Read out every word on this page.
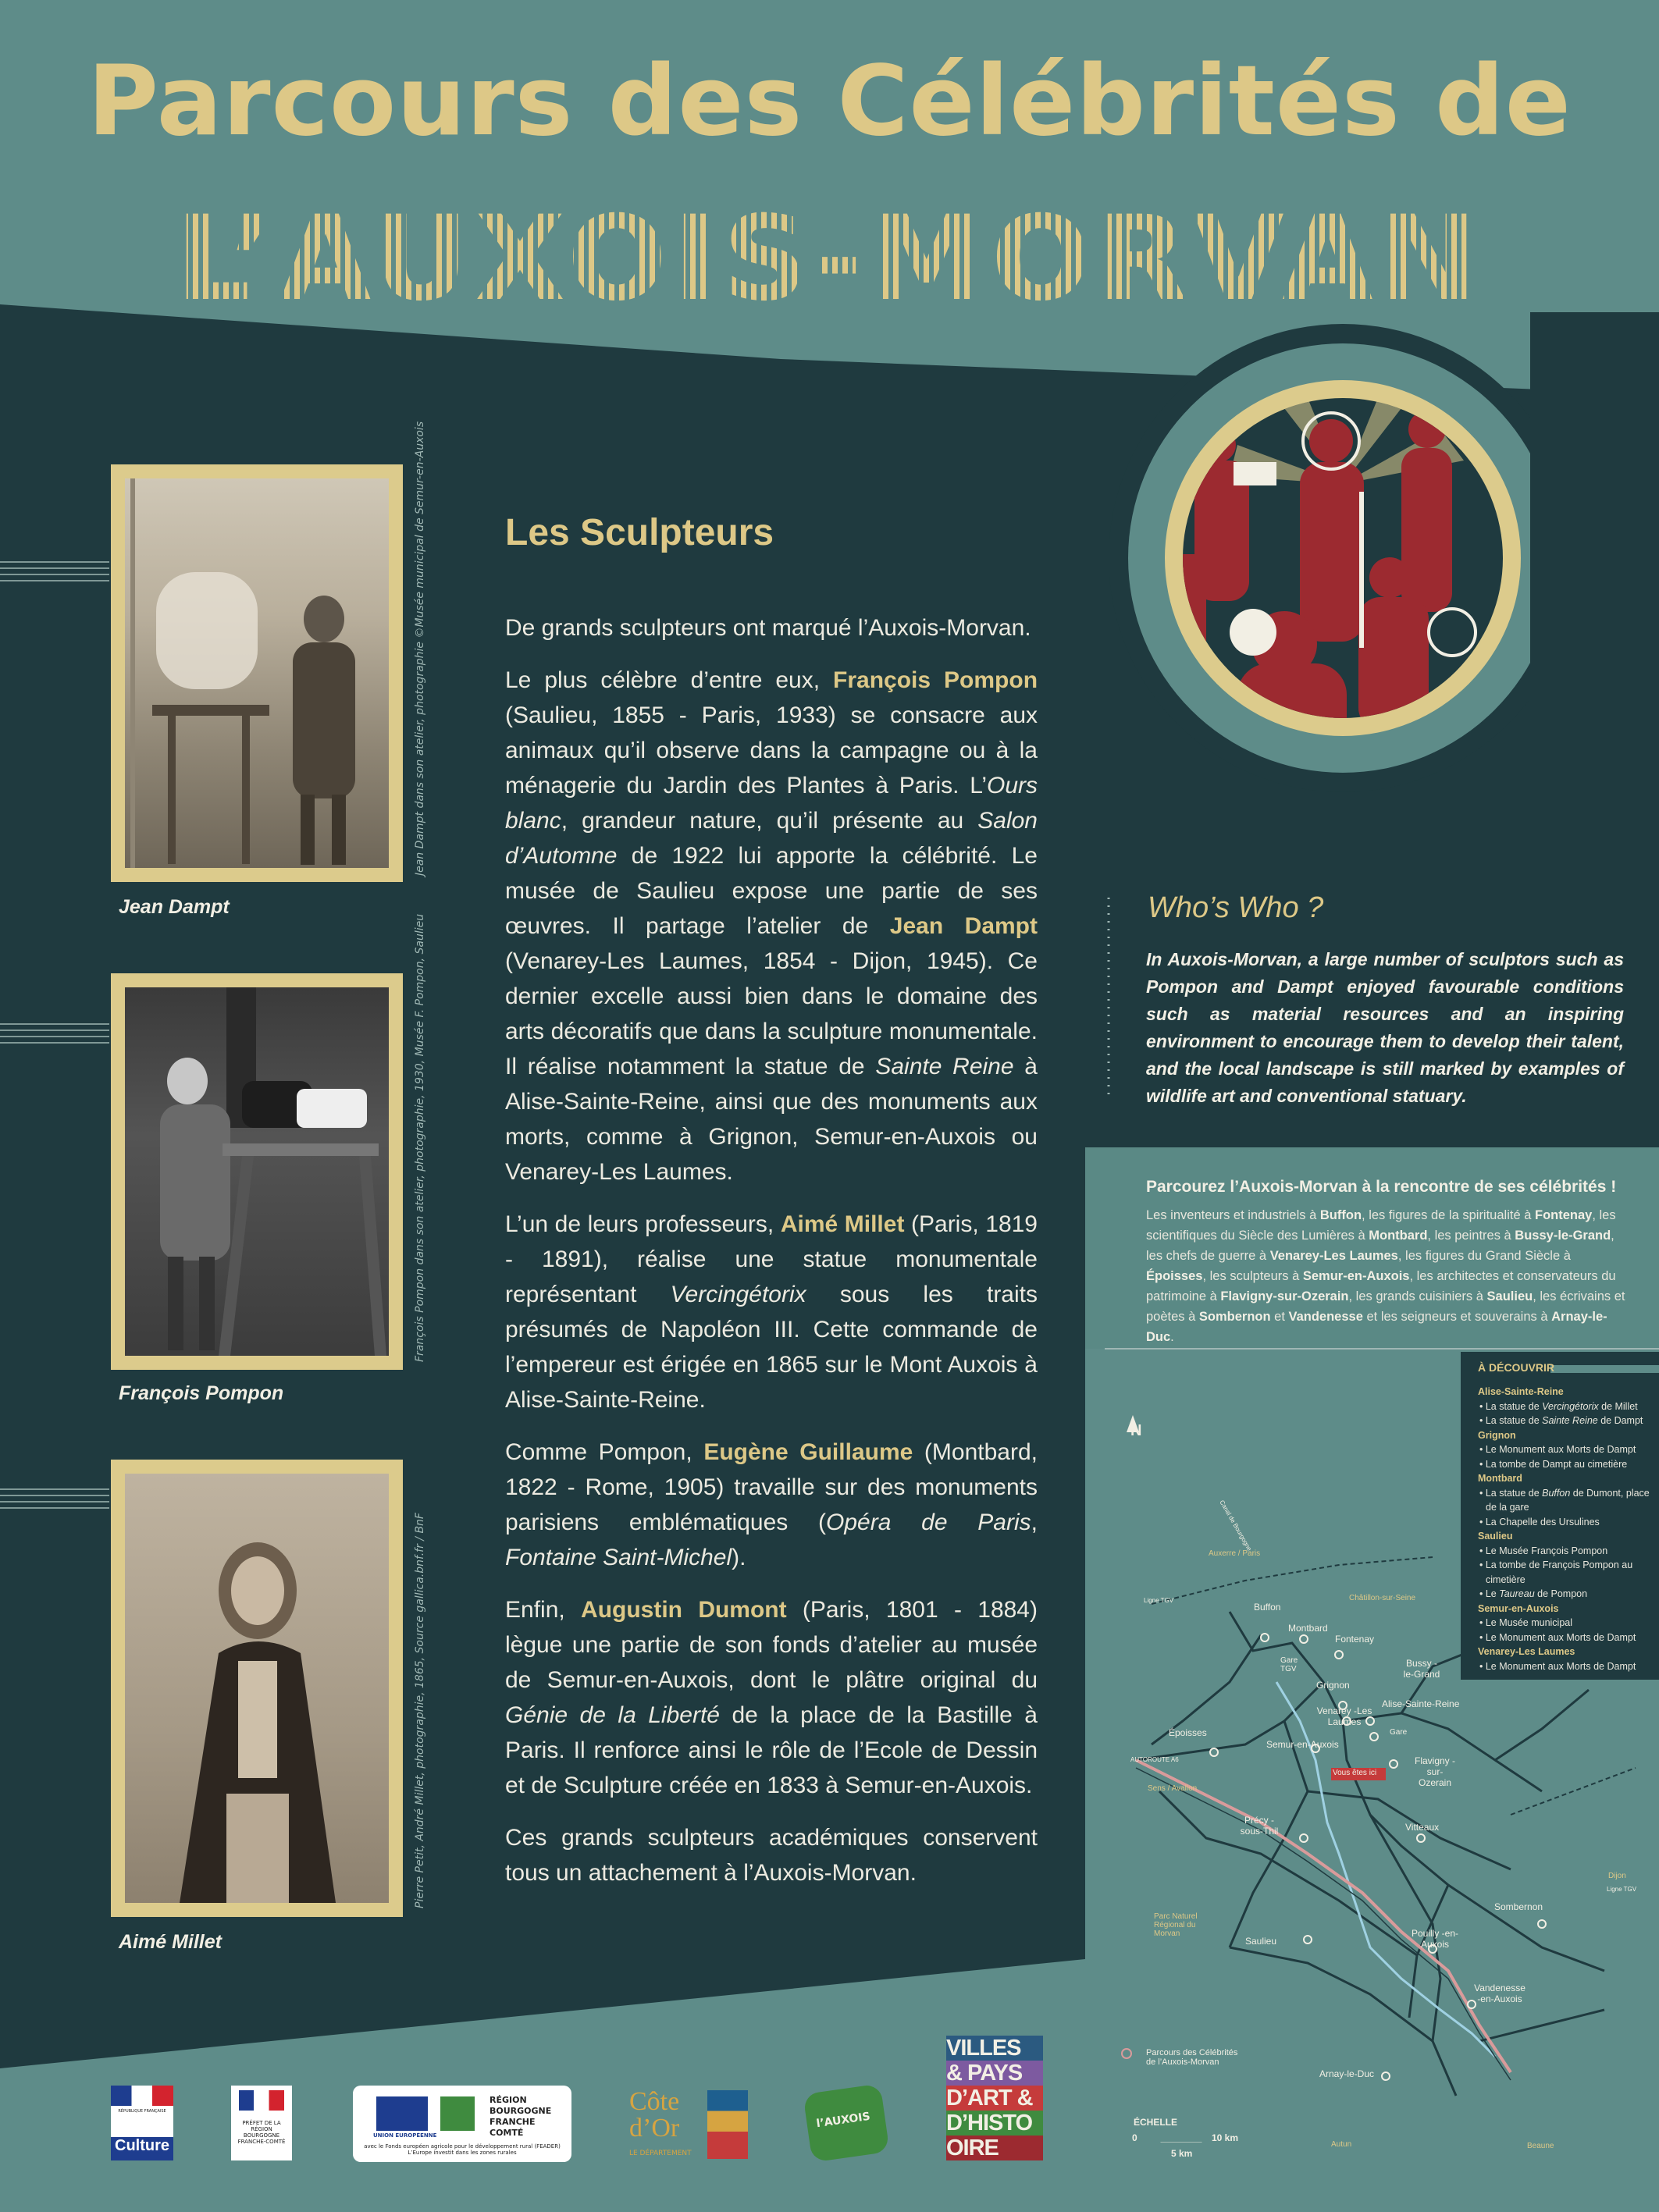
Parcours des Célébrités de
L’AUXOIS-MORVAN
Jean Dampt dans son atelier, photographie ©Musée municipal de Semur-en-Auxois
Jean Dampt
François Pompon dans son atelier, photographie, 1930, Musée F. Pompon, Saulieu
François Pompon
Pierre Petit, André Millet, photographie, 1865, Source gallica.bnf.fr / BnF
Aimé Millet
Les Sculpteurs

De grands sculpteurs ont marqué l’Auxois-Morvan.

Le plus célèbre d’entre eux, François Pompon (Saulieu, 1855 - Paris, 1933) se consacre aux animaux qu’il observe dans la campagne ou à la ménagerie du Jardin des Plantes à Paris. L’Ours blanc, grandeur nature, qu’il présente au Salon d’Automne de 1922 lui apporte la célébrité. Le musée de Saulieu expose une partie de ses œuvres. Il partage l’atelier de Jean Dampt (Venarey-Les Laumes, 1854 - Dijon, 1945). Ce dernier excelle aussi bien dans le domaine des arts décoratifs que dans la sculpture monumentale. Il réalise notamment la statue de Sainte Reine à Alise-Sainte-Reine, ainsi que des monuments aux morts, comme à Grignon, Semur-en-Auxois ou Venarey-Les Laumes.

L’un de leurs professeurs, Aimé Millet (Paris, 1819 - 1891), réalise une statue monumentale représentant Vercingétorix sous les traits présumés de Napoléon III. Cette commande de l’empereur est érigée en 1865 sur le Mont Auxois à Alise-Sainte-Reine.

Comme Pompon, Eugène Guillaume (Montbard, 1822 - Rome, 1905) travaille sur des monuments parisiens emblématiques (Opéra de Paris, Fontaine Saint-Michel).

Enfin, Augustin Dumont (Paris, 1801 - 1884) lègue une partie de son fonds d’atelier au musée de Semur-en-Auxois, dont le plâtre original du Génie de la Liberté de la place de la Bastille à Paris. Il renforce ainsi le rôle de l’Ecole de Dessin et de Sculpture créée en 1833 à Semur-en-Auxois.

Ces grands sculpteurs académiques conservent tous un attachement à l’Auxois-Morvan.

Who’s Who ?
In Auxois-Morvan, a large number of sculptors such as Pompon and Dampt enjoyed favourable conditions such as material resources and an inspiring environment to encourage them to develop their talent, and the local landscape is still marked by examples of wildlife art and conventional statuary.
Parcourez l’Auxois-Morvan à la rencontre de ses célébrités !
Les inventeurs et industriels à Buffon, les figures de la spiritualité à Fontenay, les scientifiques du Siècle des Lumières à Montbard, les peintres à Bussy-le-Grand, les chefs de guerre à Venarey-Les Laumes, les figures du Grand Siècle à Époisses, les sculpteurs à Semur-en-Auxois, les architectes et conservateurs du patrimoine à Flavigny-sur-Ozerain, les grands cuisiniers à Saulieu, les écrivains et poètes à Sombernon et Vandenesse et les seigneurs et souverains à Arnay-le-Duc.
N
Buffon
Montbard
Fontenay
Bussy -le-Grand
Grignon
Venarey -Les Laumes
Alise-Sainte-Reine
Époisses
Semur-en-Auxois
Flavigny -sur-Ozerain
Précy -sous-Thil	Vitteaux
Sombernon
Saulieu
Pouilly -en-Auxois
Vandenesse -en-Auxois
Arnay-le-Duc
Gare TGV
Gare
Vous êtes ici
Auxerre / Paris
Châtillon-sur-Seine
Sens / Avallon
Dijon
Parc Naturel Régional du Morvan
Autun	Beaune
Ligne TGV
Ligne TGV
Canal de Bourgogne
AUTOROUTE A6
Parcours des Célébrités de l’Auxois-Morvan
ÉCHELLE
0
5 km
10 km
À DÉCOUVRIR
Alise-Sainte-Reine
• La statue de Vercingétorix de Millet
• La statue de Sainte Reine de Dampt
Grignon
• Le Monument aux Morts de Dampt
• La tombe de Dampt au cimetière
Montbard
• La statue de Buffon de Dumont, place de la gare
• La Chapelle des Ursulines
Saulieu
• Le Musée François Pompon
• La tombe de François Pompon au cimetière
• Le Taureau de Pompon
Semur-en-Auxois
• Le Musée municipal
• Le Monument aux Morts de Dampt
Venarey-Les Laumes
• Le Monument aux Morts de Dampt
RÉPUBLIQUE FRANÇAISE
Culture
PRÉFET DE LA RÉGION BOURGOGNE FRANCHE-COMTÉ
UNION EUROPÉENNE
RÉGION
BOURGOGNE
FRANCHE
COMTÉ
avec le Fonds européen agricole pour le développement rural (FEADER) L’Europe investit dans les zones rurales
Côte
d’Or
LE DÉPARTEMENT
l’AUXOIS
VILLES
& PAYS
D’ART &
D’HISTO
OIRE
